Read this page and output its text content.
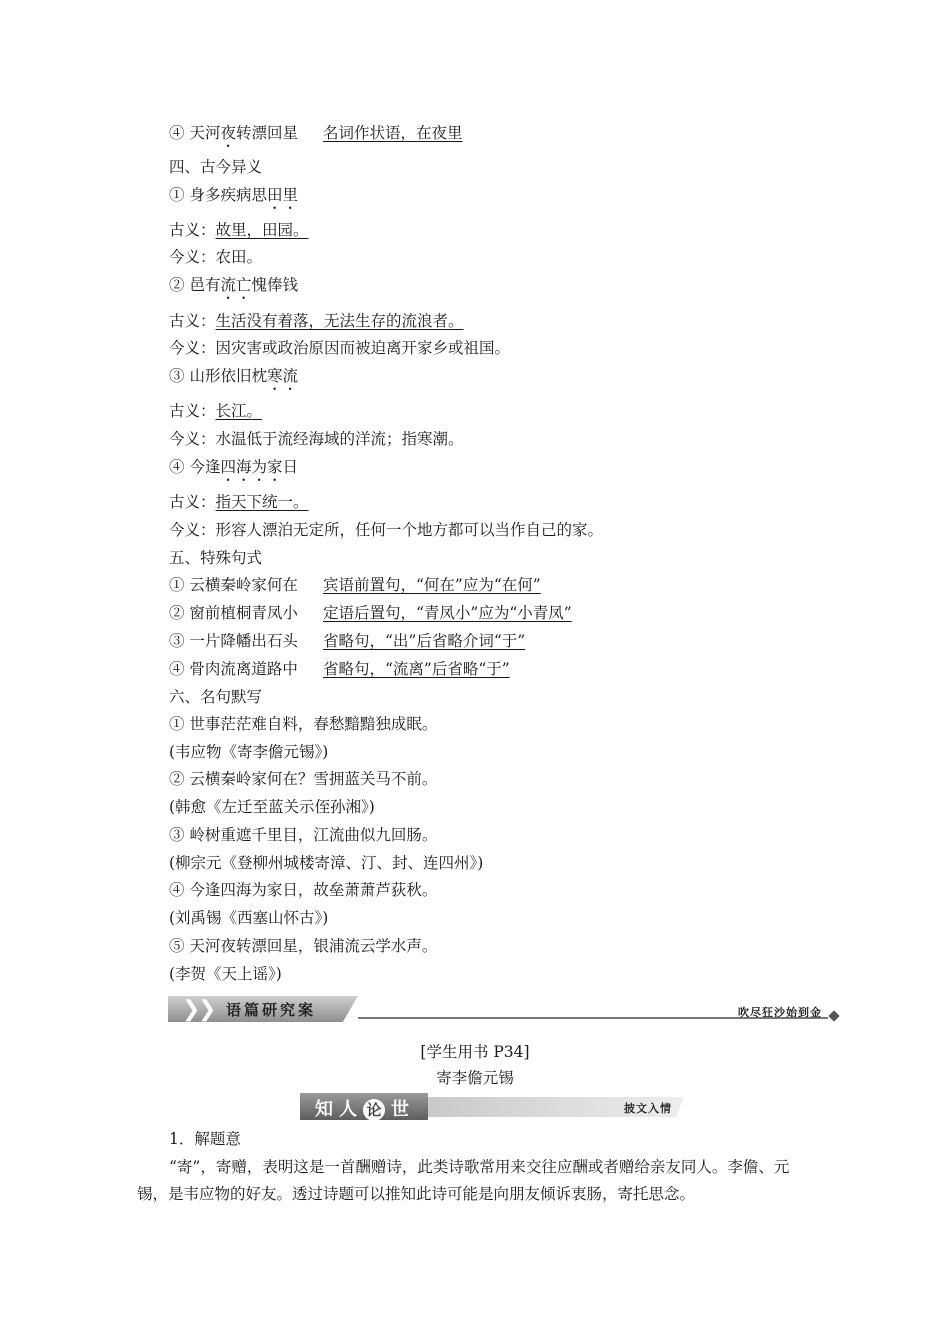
④ 天河夜转漂回星 名词作状语，在夜里
四、古今异义
① 身多疾病思田里
古义：故里，田园。
今义：农田。
② 邑有流亡愧俸钱
古义：生活没有着落，无法生存的流浪者。
今义：因灾害或政治原因而被迫离开家乡或祖国。
③ 山形依旧枕寒流
古义：长江。
今义：水温低于流经海域的洋流；指寒潮。
④ 今逢四海为家日
古义：指天下统一。
今义：形容人漂泊无定所，任何一个地方都可以当作自己的家。
五、特殊句式
① 云横秦岭家何在 宾语前置句，“何在”应为“在何”
② 窗前植桐青凤小 定语后置句，“青凤小”应为“小青凤”
③ 一片降幡出石头 省略句，“出”后省略介词“于”
④ 骨肉流离道路中 省略句，“流离”后省略“于”
六、名句默写
① 世事茫茫难自料，春愁黯黯独成眠。
(韦应物《寄李儋元锡》)
② 云横秦岭家何在？雪拥蓝关马不前。
(韩愈《左迁至蓝关示侄孙湘》)
③ 岭树重遮千里目，江流曲似九回肠。
(柳宗元《登柳州城楼寄漳、汀、封、连四州》)
④ 今逢四海为家日，故垒萧萧芦荻秋。
(刘禹锡《西塞山怀古》)
⑤ 天河夜转漂回星，银浦流云学水声。
(李贺《天上谣》)
❯
❯ 语篇研究案	吹尽狂沙始到金
[学生用书 P34]
寄李儋元锡
知人 论 世	披文入情
1．解题意
“寄”，寄赠，表明这是一首酬赠诗，此类诗歌常用来交往应酬或者赠给亲友同人。李儋、元锡，是韦应物的好友。透过诗题可以推知此诗可能是向朋友倾诉衷肠，寄托思念。
